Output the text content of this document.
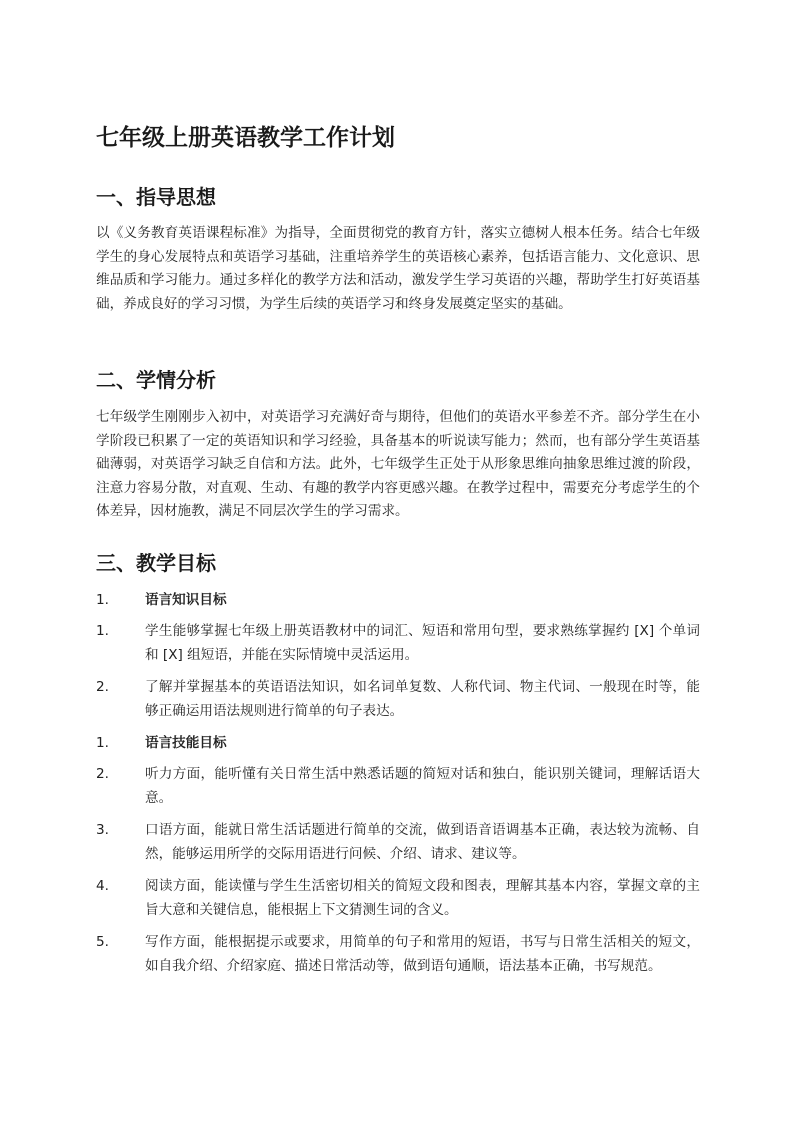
七年级上册英语教学工作计划
一、指导思想

以《义务教育英语课程标准》为指导，全面贯彻党的教育方针，落实立德树人根本任务。结合七年级学生的身心发展特点和英语学习基础，注重培养学生的英语核心素养，包括语言能力、文化意识、思维品质和学习能力。通过多样化的教学方法和活动，激发学生学习英语的兴趣，帮助学生打好英语基础，养成良好的学习习惯，为学生后续的英语学习和终身发展奠定坚实的基础。

二、学情分析

七年级学生刚刚步入初中，对英语学习充满好奇与期待，但他们的英语水平参差不齐。部分学生在小学阶段已积累了一定的英语知识和学习经验，具备基本的听说读写能力；然而，也有部分学生英语基础薄弱，对英语学习缺乏自信和方法。此外，七年级学生正处于从形象思维向抽象思维过渡的阶段，注意力容易分散，对直观、生动、有趣的教学内容更感兴趣。在教学过程中，需要充分考虑学生的个体差异，因材施教，满足不同层次学生的学习需求。

三、教学目标
1.	语言知识目标
1.	学生能够掌握七年级上册英语教材中的词汇、短语和常用句型，要求熟练掌握约 [X] 个单词和 [X] 组短语，并能在实际情境中灵活运用。
2.	了解并掌握基本的英语语法知识，如名词单复数、人称代词、物主代词、一般现在时等，能够正确运用语法规则进行简单的句子表达。
1.	语言技能目标
2.	听力方面，能听懂有关日常生活中熟悉话题的简短对话和独白，能识别关键词，理解话语大意。
3.	口语方面，能就日常生活话题进行简单的交流，做到语音语调基本正确，表达较为流畅、自然，能够运用所学的交际用语进行问候、介绍、请求、建议等。
4.	阅读方面，能读懂与学生生活密切相关的简短文段和图表，理解其基本内容，掌握文章的主旨大意和关键信息，能根据上下文猜测生词的含义。
5.	写作方面，能根据提示或要求，用简单的句子和常用的短语，书写与日常生活相关的短文，如自我介绍、介绍家庭、描述日常活动等，做到语句通顺，语法基本正确，书写规范。
